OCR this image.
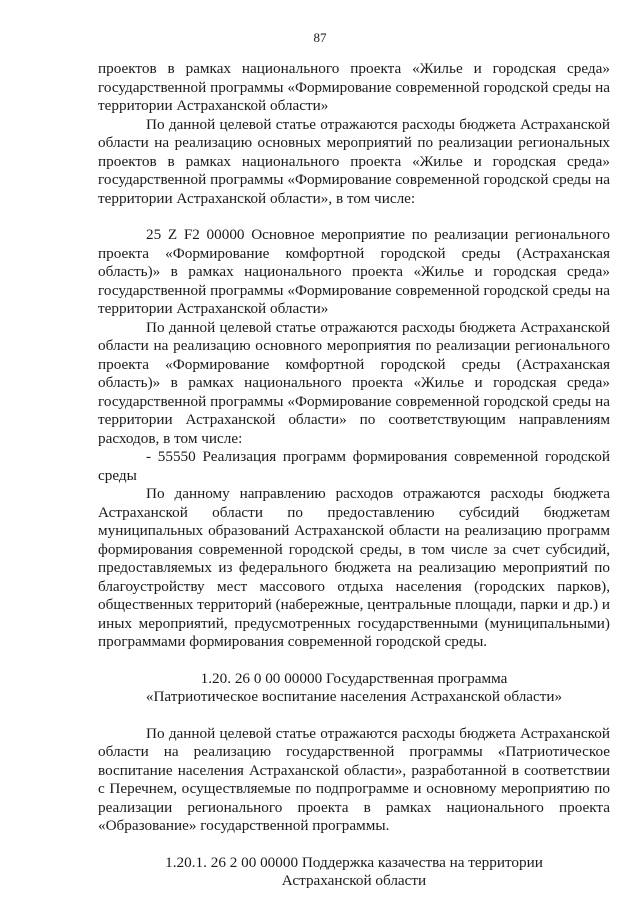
87

проектов в рамках национального проекта «Жилье и городская среда» государственной программы «Формирование современной городской среды на территории Астраханской области»

По данной целевой статье отражаются расходы бюджета Астраханской области на реализацию основных мероприятий по реализации региональных проектов в рамках национального проекта «Жилье и городская среда» государственной программы «Формирование современной городской среды на территории Астраханской области», в том числе:

25 Z F2 00000 Основное мероприятие по реализации регионального проекта «Формирование комфортной городской среды (Астраханская область)» в рамках национального проекта «Жилье и городская среда» государственной программы «Формирование современной городской среды на территории Астраханской области»

По данной целевой статье отражаются расходы бюджета Астраханской области на реализацию основного мероприятия по реализации регионального проекта «Формирование комфортной городской среды (Астраханская область)» в рамках национального проекта «Жилье и городская среда» государственной программы «Формирование современной городской среды на территории Астраханской области» по соответствующим направлениям расходов, в том числе:

- 55550 Реализация программ формирования современной городской среды

По данному направлению расходов отражаются расходы бюджета Астраханской области по предоставлению субсидий бюджетам муниципальных образований Астраханской области на реализацию программ формирования современной городской среды, в том числе за счет субсидий, предоставляемых из федерального бюджета на реализацию мероприятий по благоустройству мест массового отдыха населения (городских парков), общественных территорий (набережные, центральные площади, парки и др.) и иных мероприятий, предусмотренных государственными (муниципальными) программами формирования современной городской среды.

1.20. 26 0 00 00000 Государственная программа

«Патриотическое воспитание населения Астраханской области»

По данной целевой статье отражаются расходы бюджета Астраханской области на реализацию государственной программы «Патриотическое воспитание населения Астраханской области», разработанной в соответствии с Перечнем, осуществляемые по подпрограмме и основному мероприятию по реализации регионального проекта в рамках национального проекта «Образование» государственной программы.

1.20.1. 26 2 00 00000 Поддержка казачества на территории

Астраханской области
